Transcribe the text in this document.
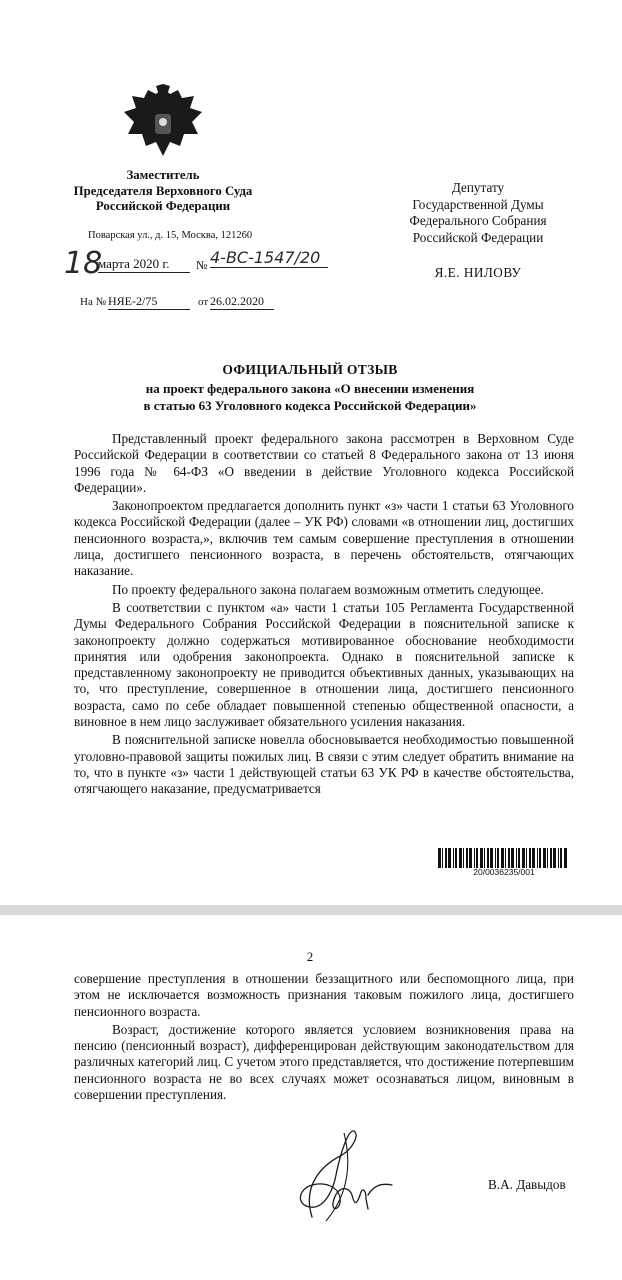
Заместитель
Председателя Верховного Суда
Российской Федерации
Поварская ул., д. 15, Москва, 121260
Депутату
Государственной Думы
Федерального Собрания
Российской Федерации
Я.Е. НИЛОВУ
18
марта 2020 г.	№ 4-ВС-1547/20
На № НЯЕ-2/75	от 26.02.2020
ОФИЦИАЛЬНЫЙ ОТЗЫВ
на проект федерального закона «О внесении изменения
в статью 63 Уголовного кодекса Российской Федерации»
Представленный проект федерального закона рассмотрен в Верховном Суде Российской Федерации в соответствии со статьей 8 Федерального закона от 13 июня 1996 года № 64-ФЗ «О введении в действие Уголовного кодекса Российской Федерации».
Законопроектом предлагается дополнить пункт «з» части 1 статьи 63 Уголовного кодекса Российской Федерации (далее – УК РФ) словами «в отношении лиц, достигших пенсионного возраста,», включив тем самым совершение преступления в отношении лица, достигшего пенсионного возраста, в перечень обстоятельств, отягчающих наказание.
По проекту федерального закона полагаем возможным отметить следующее.
В соответствии с пунктом «а» части 1 статьи 105 Регламента Государственной Думы Федерального Собрания Российской Федерации в пояснительной записке к законопроекту должно содержаться мотивированное обоснование необходимости принятия или одобрения законопроекта. Однако в пояснительной записке к представленному законопроекту не приводится объективных данных, указывающих на то, что преступление, совершенное в отношении лица, достигшего пенсионного возраста, само по себе обладает повышенной степенью общественной опасности, а виновное в нем лицо заслуживает обязательного усиления наказания.
В пояснительной записке новелла обосновывается необходимостью повышенной уголовно-правовой защиты пожилых лиц. В связи с этим следует обратить внимание на то, что в пункте «з» части 1 действующей статьи 63 УК РФ в качестве обстоятельства, отягчающего наказание, предусматривается
20/0036235/001
2
совершение преступления в отношении беззащитного или беспомощного лица, при этом не исключается возможность признания таковым пожилого лица, достигшего пенсионного возраста.
Возраст, достижение которого является условием возникновения права на пенсию (пенсионный возраст), дифференцирован действующим законодательством для различных категорий лиц. С учетом этого представляется, что достижение потерпевшим пенсионного возраста не во всех случаях может осознаваться лицом, виновным в совершении преступления.
В.А. Давыдов
